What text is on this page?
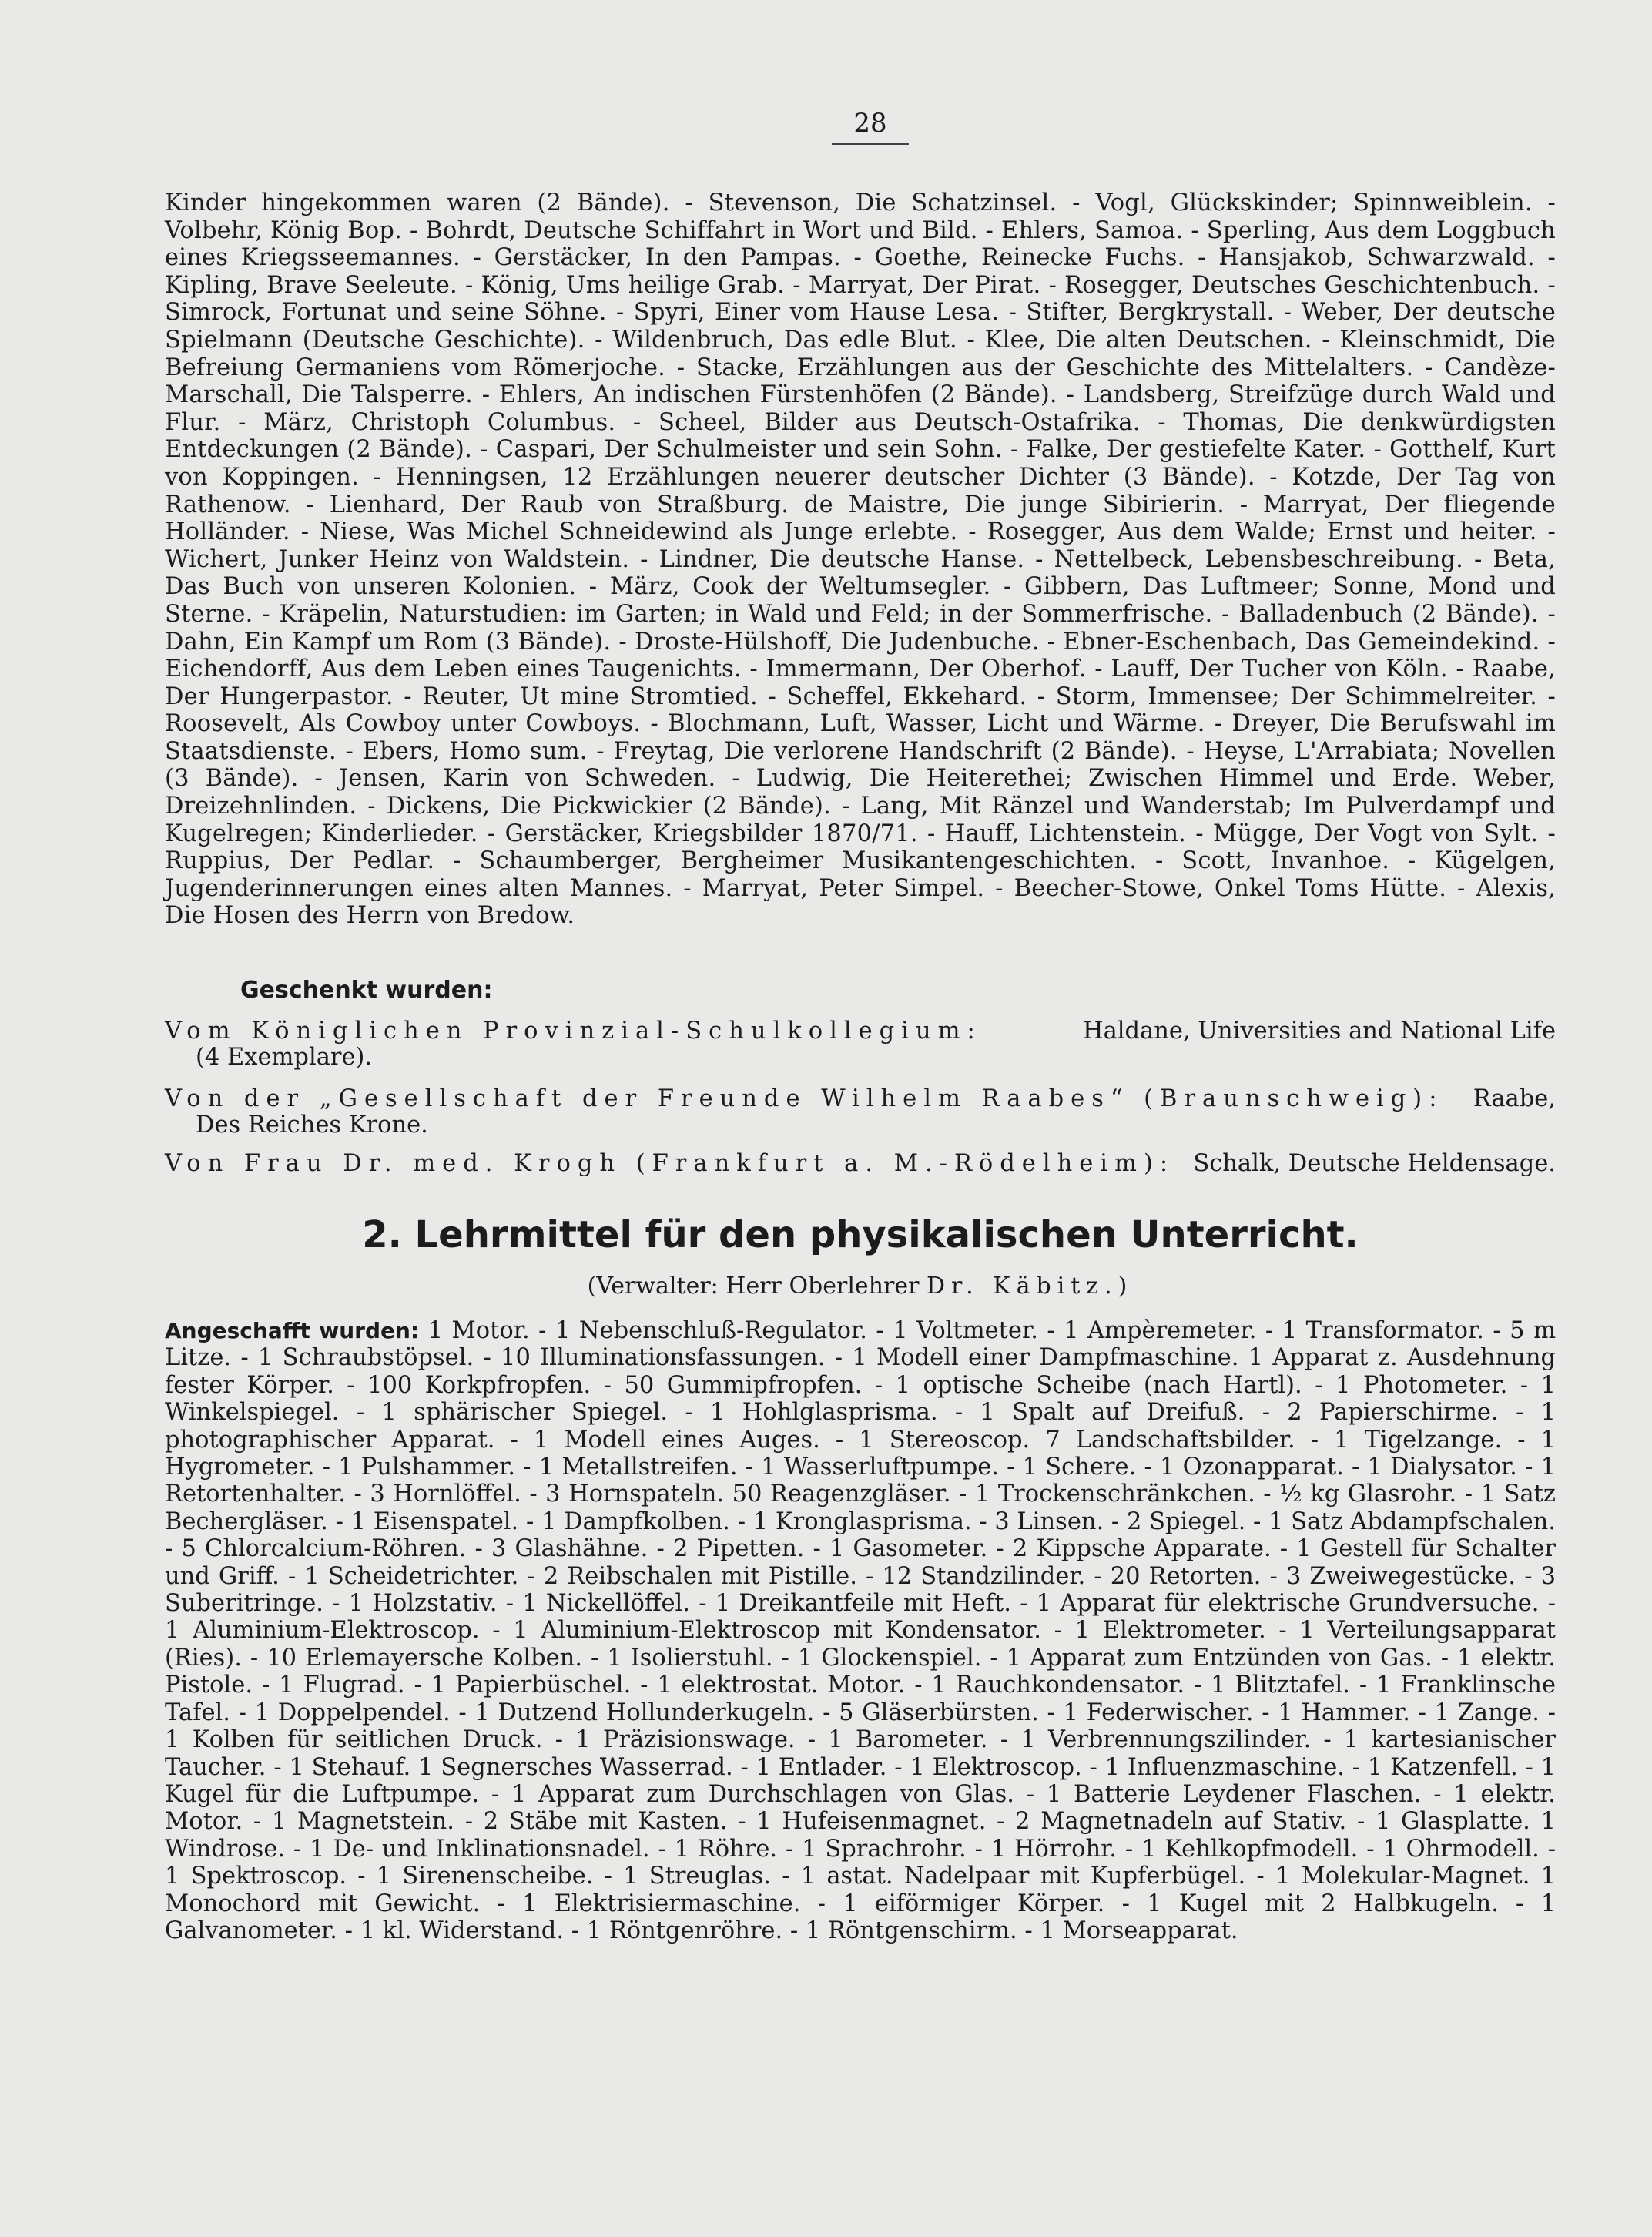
28
Kinder hingekommen waren (2 Bände). - Stevenson, Die Schatzinsel. - Vogl, Glückskinder; Spinnweiblein. - Volbehr, König Bop. - Bohrdt, Deutsche Schiffahrt in Wort und Bild. - Ehlers, Samoa. - Sperling, Aus dem Loggbuch eines Kriegsseemannes. - Gerstäcker, In den Pampas. - Goethe, Reinecke Fuchs. - Hansjakob, Schwarzwald. - Kipling, Brave Seeleute. - König, Ums heilige Grab. - Marryat, Der Pirat. - Rosegger, Deutsches Geschichtenbuch. - Simrock, Fortunat und seine Söhne. - Spyri, Einer vom Hause Lesa. - Stifter, Bergkrystall. - Weber, Der deutsche Spielmann (Deutsche Geschichte). - Wildenbruch, Das edle Blut. - Klee, Die alten Deutschen. - Kleinschmidt, Die Befreiung Germaniens vom Römerjoche. - Stacke, Erzählungen aus der Geschichte des Mittelalters. - Candèze-Marschall, Die Talsperre. - Ehlers, An indischen Fürstenhöfen (2 Bände). - Landsberg, Streifzüge durch Wald und Flur. - März, Christoph Columbus. - Scheel, Bilder aus Deutsch-Ostafrika. - Thomas, Die denkwürdigsten Entdeckungen (2 Bände). - Caspari, Der Schulmeister und sein Sohn. - Falke, Der gestiefelte Kater. - Gotthelf, Kurt von Koppingen. - Henningsen, 12 Erzählungen neuerer deutscher Dichter (3 Bände). - Kotzde, Der Tag von Rathenow. - Lienhard, Der Raub von Straßburg. de Maistre, Die junge Sibirierin. - Marryat, Der fliegende Holländer. - Niese, Was Michel Schneidewind als Junge erlebte. - Rosegger, Aus dem Walde; Ernst und heiter. - Wichert, Junker Heinz von Waldstein. - Lindner, Die deutsche Hanse. - Nettelbeck, Lebensbeschreibung. - Beta, Das Buch von unseren Kolonien. - März, Cook der Weltumsegler. - Gibbern, Das Luftmeer; Sonne, Mond und Sterne. - Kräpelin, Naturstudien: im Garten; in Wald und Feld; in der Sommerfrische. - Balladenbuch (2 Bände). - Dahn, Ein Kampf um Rom (3 Bände). - Droste-Hülshoff, Die Judenbuche. - Ebner-Eschenbach, Das Gemeindekind. - Eichendorff, Aus dem Leben eines Taugenichts. - Immermann, Der Oberhof. - Lauff, Der Tucher von Köln. - Raabe, Der Hungerpastor. - Reuter, Ut mine Stromtied. - Scheffel, Ekkehard. - Storm, Immensee; Der Schimmelreiter. - Roosevelt, Als Cowboy unter Cowboys. - Blochmann, Luft, Wasser, Licht und Wärme. - Dreyer, Die Berufswahl im Staatsdienste. - Ebers, Homo sum. - Freytag, Die verlorene Handschrift (2 Bände). - Heyse, L'Arrabiata; Novellen (3 Bände). - Jensen, Karin von Schweden. - Ludwig, Die Heiterethei; Zwischen Himmel und Erde. Weber, Dreizehnlinden. - Dickens, Die Pickwickier (2 Bände). - Lang, Mit Ränzel und Wanderstab; Im Pulverdampf und Kugelregen; Kinderlieder. - Gerstäcker, Kriegsbilder 1870/71. - Hauff, Lichtenstein. - Mügge, Der Vogt von Sylt. - Ruppius, Der Pedlar. - Schaumberger, Bergheimer Musikantengeschichten. - Scott, Invanhoe. - Kügelgen, Jugenderinnerungen eines alten Mannes. - Marryat, Peter Simpel. - Beecher-Stowe, Onkel Toms Hütte. - Alexis, Die Hosen des Herrn von Bredow.
Geschenkt wurden:
Vom Königlichen Provinzial-Schulkollegium:	Haldane, Universities and National Life
(4 Exemplare).
Von der „Gesellschaft der Freunde Wilhelm Raabes“ (Braunschweig): Raabe,
Des Reiches Krone.
Von Frau Dr. med. Krogh (Frankfurt a. M.-Rödelheim): Schalk, Deutsche Heldensage.
2. Lehrmittel für den physikalischen Unterricht.
(Verwalter: Herr Oberlehrer Dr. Käbitz.)
Angeschafft wurden: 1 Motor. - 1 Nebenschluß-Regulator. - 1 Voltmeter. - 1 Ampèremeter. - 1 Transformator. - 5 m Litze. - 1 Schraubstöpsel. - 10 Illuminationsfassungen. - 1 Modell einer Dampfmaschine. 1 Apparat z. Ausdehnung fester Körper. - 100 Korkpfropfen. - 50 Gummipfropfen. - 1 optische Scheibe (nach Hartl). - 1 Photometer. - 1 Winkelspiegel. - 1 sphärischer Spiegel. - 1 Hohlglasprisma. - 1 Spalt auf Dreifuß. - 2 Papierschirme. - 1 photographischer Apparat. - 1 Modell eines Auges. - 1 Stereoscop. 7 Landschaftsbilder. - 1 Tigelzange. - 1 Hygrometer. - 1 Pulshammer. - 1 Metallstreifen. - 1 Wasserluftpumpe. - 1 Schere. - 1 Ozonapparat. - 1 Dialysator. - 1 Retortenhalter. - 3 Hornlöffel. - 3 Hornspateln. 50 Reagenzgläser. - 1 Trockenschränkchen. - ½ kg Glasrohr. - 1 Satz Bechergläser. - 1 Eisenspatel. - 1 Dampfkolben. - 1 Kronglasprisma. - 3 Linsen. - 2 Spiegel. - 1 Satz Abdampfschalen. - 5 Chlorcalcium-Röhren. - 3 Glashähne. - 2 Pipetten. - 1 Gasometer. - 2 Kippsche Apparate. - 1 Gestell für Schalter und Griff. - 1 Scheidetrichter. - 2 Reibschalen mit Pistille. - 12 Standzilinder. - 20 Retorten. - 3 Zweiwegestücke. - 3 Suberitringe. - 1 Holzstativ. - 1 Nickellöffel. - 1 Dreikantfeile mit Heft. - 1 Apparat für elektrische Grundversuche. - 1 Aluminium-Elektroscop. - 1 Aluminium-Elektroscop mit Kondensator. - 1 Elektrometer. - 1 Verteilungsapparat (Ries). - 10 Erlemayersche Kolben. - 1 Isolierstuhl. - 1 Glockenspiel. - 1 Apparat zum Entzünden von Gas. - 1 elektr. Pistole. - 1 Flugrad. - 1 Papierbüschel. - 1 elektrostat. Motor. - 1 Rauchkondensator. - 1 Blitztafel. - 1 Franklinsche Tafel. - 1 Doppelpendel. - 1 Dutzend Hollunderkugeln. - 5 Gläserbürsten. - 1 Federwischer. - 1 Hammer. - 1 Zange. - 1 Kolben für seitlichen Druck. - 1 Präzisionswage. - 1 Barometer. - 1 Verbrennungszilinder. - 1 kartesianischer Taucher. - 1 Stehauf. 1 Segnersches Wasserrad. - 1 Entlader. - 1 Elektroscop. - 1 Influenzmaschine. - 1 Katzenfell. - 1 Kugel für die Luftpumpe. - 1 Apparat zum Durchschlagen von Glas. - 1 Batterie Leydener Flaschen. - 1 elektr. Motor. - 1 Magnetstein. - 2 Stäbe mit Kasten. - 1 Hufeisenmagnet. - 2 Magnetnadeln auf Stativ. - 1 Glasplatte. 1 Windrose. - 1 De- und Inklinationsnadel. - 1 Röhre. - 1 Sprachrohr. - 1 Hörrohr. - 1 Kehlkopfmodell. - 1 Ohrmodell. - 1 Spektroscop. - 1 Sirenenscheibe. - 1 Streuglas. - 1 astat. Nadelpaar mit Kupferbügel. - 1 Molekular-Magnet. 1 Monochord mit Gewicht. - 1 Elektrisiermaschine. - 1 eiförmiger Körper. - 1 Kugel mit 2 Halbkugeln. - 1 Galvanometer. - 1 kl. Widerstand. - 1 Röntgenröhre. - 1 Röntgenschirm. - 1 Morseapparat.
